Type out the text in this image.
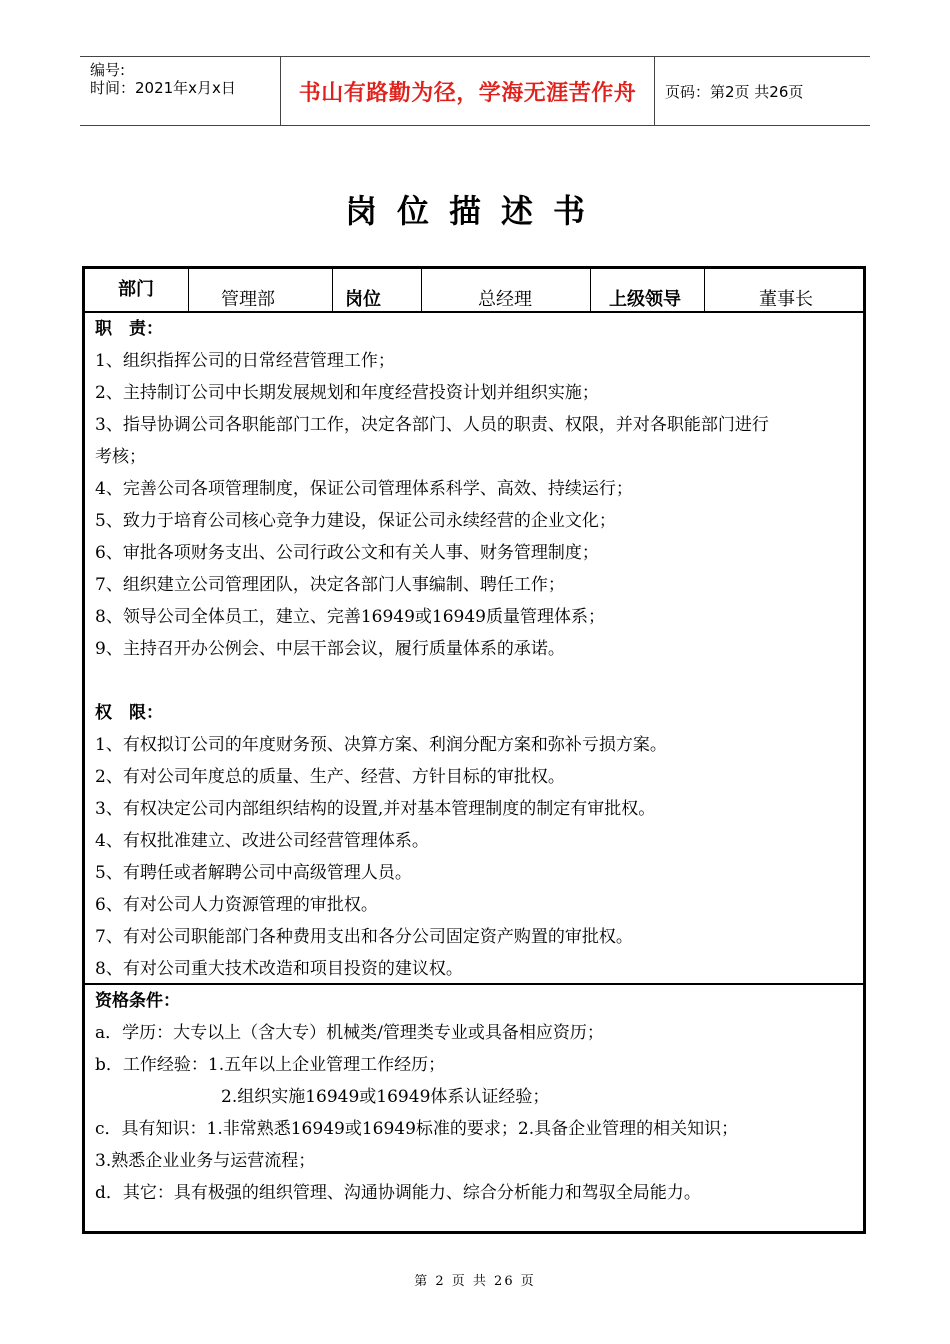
编号:
时间：2021年x月x日	书山有路勤为径，学海无涯苦作舟	页码：第2页 共26页
岗位描述书
部门	管理部	岗位	总经理	上级领导	董事长
职　责：
1、组织指挥公司的日常经营管理工作；
2、主持制订公司中长期发展规划和年度经营投资计划并组织实施；
3、指导协调公司各职能部门工作，决定各部门、人员的职责、权限，并对各职能部门进行
考核；
4、完善公司各项管理制度，保证公司管理体系科学、高效、持续运行；
5、致力于培育公司核心竞争力建设，保证公司永续经营的企业文化；
6、审批各项财务支出、公司行政公文和有关人事、财务管理制度；
7、组织建立公司管理团队，决定各部门人事编制、聘任工作；
8、领导公司全体员工，建立、完善16949或16949质量管理体系；
9、主持召开办公例会、中层干部会议，履行质量体系的承诺。
权　限：
1、有权拟订公司的年度财务预、决算方案、利润分配方案和弥补亏损方案。
2、有对公司年度总的质量、生产、经营、方针目标的审批权。
3、有权决定公司内部组织结构的设置,并对基本管理制度的制定有审批权。
4、有权批准建立、改进公司经营管理体系。
5、有聘任或者解聘公司中高级管理人员。
6、有对公司人力资源管理的审批权。
7、有对公司职能部门各种费用支出和各分公司固定资产购置的审批权。
8、有对公司重大技术改造和项目投资的建议权。
资格条件：
a．学历：大专以上（含大专）机械类/管理类专业或具备相应资历；
b．工作经验：1.五年以上企业管理工作经历；
2.组织实施16949或16949体系认证经验；
c．具有知识：1.非常熟悉16949或16949标准的要求；2.具备企业管理的相关知识；
3.熟悉企业业务与运营流程；
d．其它：具有极强的组织管理、沟通协调能力、综合分析能力和驾驭全局能力。
第 2 页 共 26 页
